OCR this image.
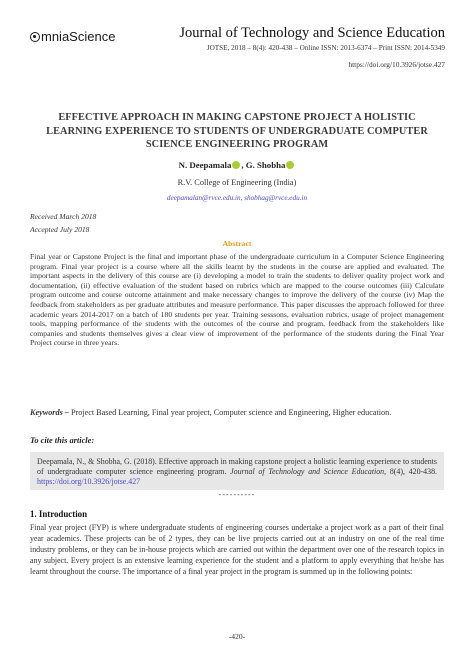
mniaScience	Journal of Technology and Science Education
JOTSE, 2018 – 8(4): 420-438 – Online ISSN: 2013-6374 – Print ISSN: 2014-5349
https://doi.org/10.3926/jotse.427
EFFECTIVE APPROACH IN MAKING CAPSTONE PROJECT A HOLISTIC LEARNING EXPERIENCE TO STUDENTS OF UNDERGRADUATE COMPUTER SCIENCE ENGINEERING PROGRAM
N. Deepamala , G. Shobha
R.V. College of Engineering (India)
deepamalan@rvce.edu.in, shobhag@rvce.edu.in
Received March 2018
Accepted July 2018
Abstract
Final year or Capstone Project is the final and important phase of the undergraduate curriculum in a Computer Science Engineering program. Final year project is a course where all the skills learnt by the students in the course are applied and evaluated. The important aspects in the delivery of this course are (i) developing a model to train the students to deliver quality project work and documentation, (ii) effective evaluation of the student based on rubrics which are mapped to the course outcomes (iii) Calculate program outcome and course outcome attainment and make necessary changes to improve the delivery of the course (iv) Map the feedback from stakeholders as per graduate attributes and measure performance. This paper discusses the approach followed for three academic years 2014-2017 on a batch of 180 students per year. Training sesssons, evaluation rubrics, usage of project management tools, mapping performance of the students with the outcomes of the course and program, feedback from the stakeholders like companies and students themselves gives a clear view of improvement of the performance of the students during the Final Year Project course in three years.
Keywords – Project Based Learning, Final year project, Computer science and Engineering, Higher education.
To cite this article:
Deepamala, N., & Shobha, G. (2018). Effective approach in making capstone project a holistic learning experience to students of undergraduate computer science engineering program. Journal of Technology and Science Education, 8(4), 420-438. https://doi.org/10.3926/jotse.427
----------
1. Introduction
Final year project (FYP) is where undergraduate students of engineering courses undertake a project work as a part of their final year academics. These projects can be of 2 types, they can be live projects carried out at an industry on one of the real time industry problems, or they can be in-house projects which are carried out within the department over one of the research topics in any subject. Every project is an extensive learning experience for the student and a platform to apply everything that he/she has learnt throughout the course. The importance of a final year project in the program is summed up in the following points:
-420-
